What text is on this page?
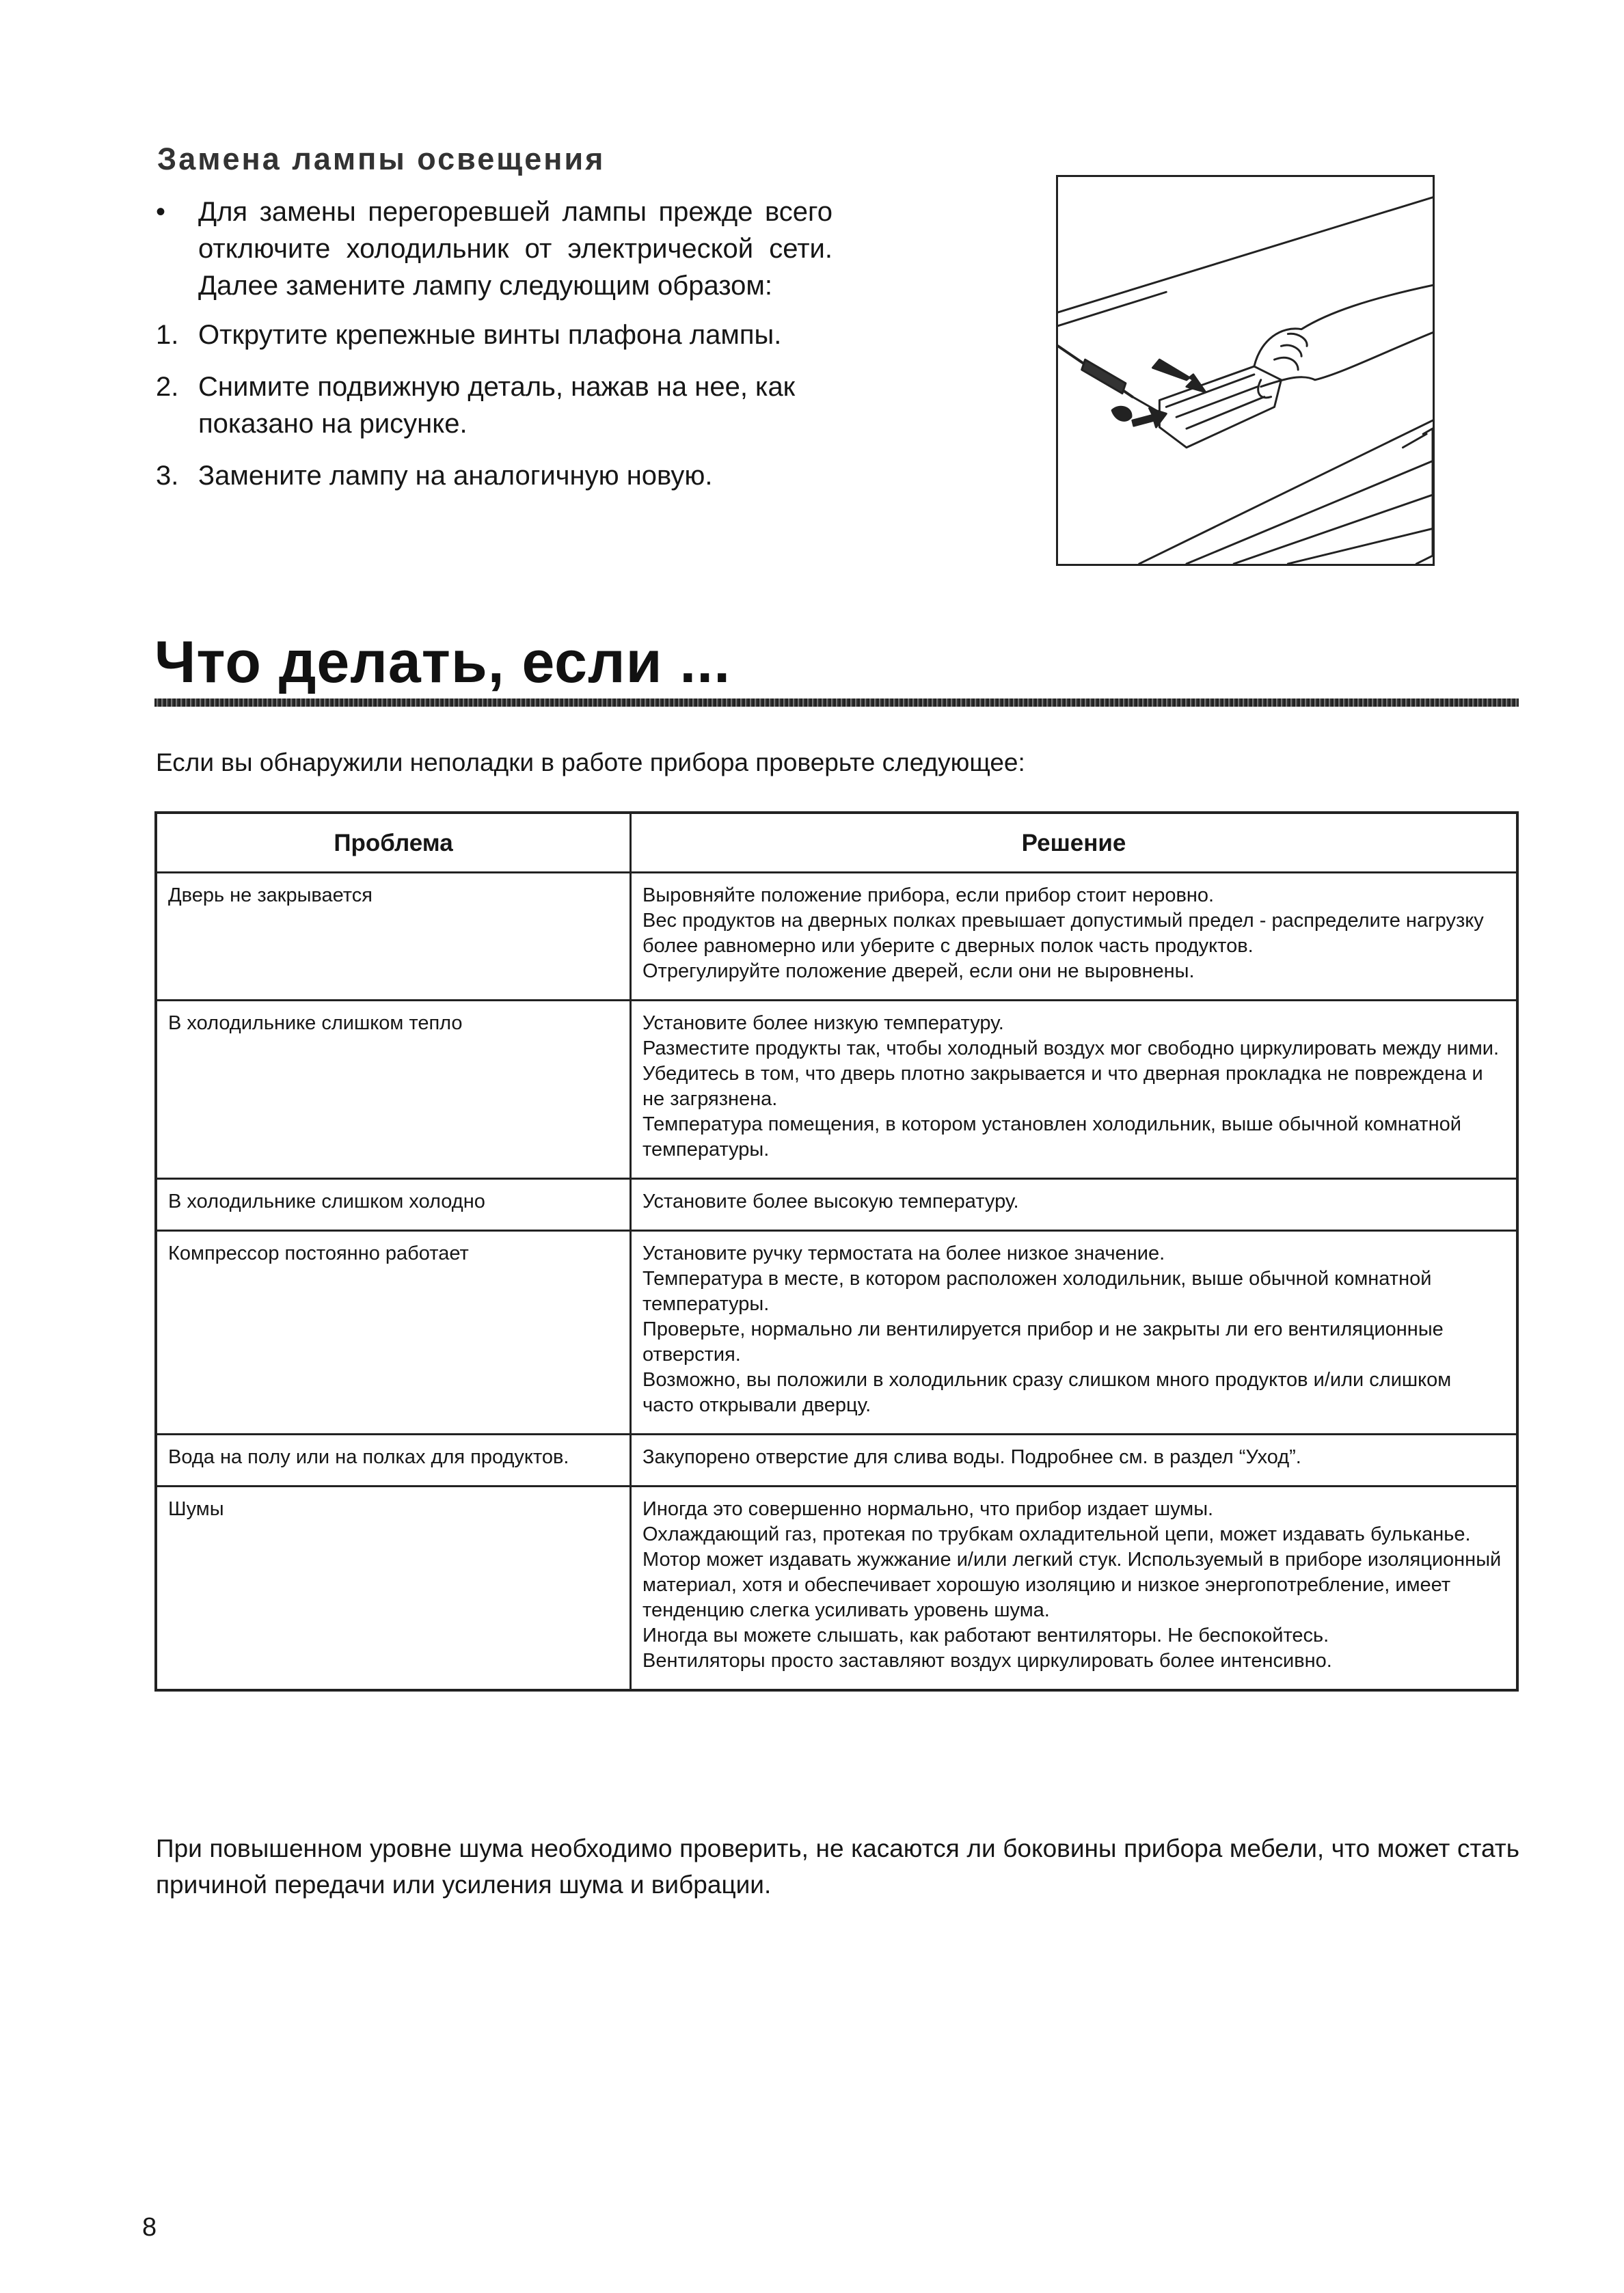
Замена лампы освещения
•	Для замены перегоревшей лампы прежде всего отключите холодильник от электрической сети. Далее замените лампу следующим образом:
1. Открутите крепежные винты плафона лампы.
2. Снимите подвижную деталь, нажав на нее, как показано на рисунке.
3. Замените лампу на аналогичную новую.
Что делать, если ...
Если вы обнаружили неполадки в работе прибора проверьте следующее:
Проблема	Решение
Дверь не закрывается	Выровняйте положение прибора, если прибор стоит неровно.
Вес продуктов на дверных полках превышает допустимый предел - распределите нагрузку более равномерно или уберите с дверных полок часть продуктов.
Отрегулируйте положение дверей, если они не выровнены.

В холодильнике слишком тепло	Установите более низкую температуру.
Разместите продукты так, чтобы холодный воздух мог свободно циркулировать между ними.
Убедитесь в том, что дверь плотно закрывается и что дверная прокладка не повреждена и не загрязнена.
Температура помещения, в котором установлен холодильник, выше обычной комнатной температуры.

В холодильнике слишком холодно	Установите более высокую температуру.

Компрессор постоянно работает	Установите ручку термостата на более низкое значение.
Температура в месте, в котором расположен холодильник, выше обычной комнатной температуры.
Проверьте, нормально ли вентилируется прибор и не закрыты ли его вентиляционные отверстия.
Возможно, вы положили в холодильник сразу слишком много продуктов и/или слишком часто открывали дверцу.

Вода на полу или на полках для продуктов.	Закупорено отверстие для слива воды. Подробнее см. в раздел “Уход”.

Шумы	Иногда это совершенно нормально, что прибор издает шумы.
Охлаждающий газ, протекая по трубкам охладительной цепи, может издавать бульканье.
Мотор может издавать жужжание и/или легкий стук. Используемый в приборе изоляционный материал, хотя и обеспечивает хорошую изоляцию и низкое энергопотребление, имеет тенденцию слегка усиливать уровень шума.
Иногда вы можете слышать, как работают вентиляторы. Не беспокойтесь.
Вентиляторы просто заставляют воздух циркулировать более интенсивно.
При повышенном уровне шума необходимо проверить, не касаются ли боковины прибора мебели, что может стать причиной передачи или усиления шума и вибрации.
8
